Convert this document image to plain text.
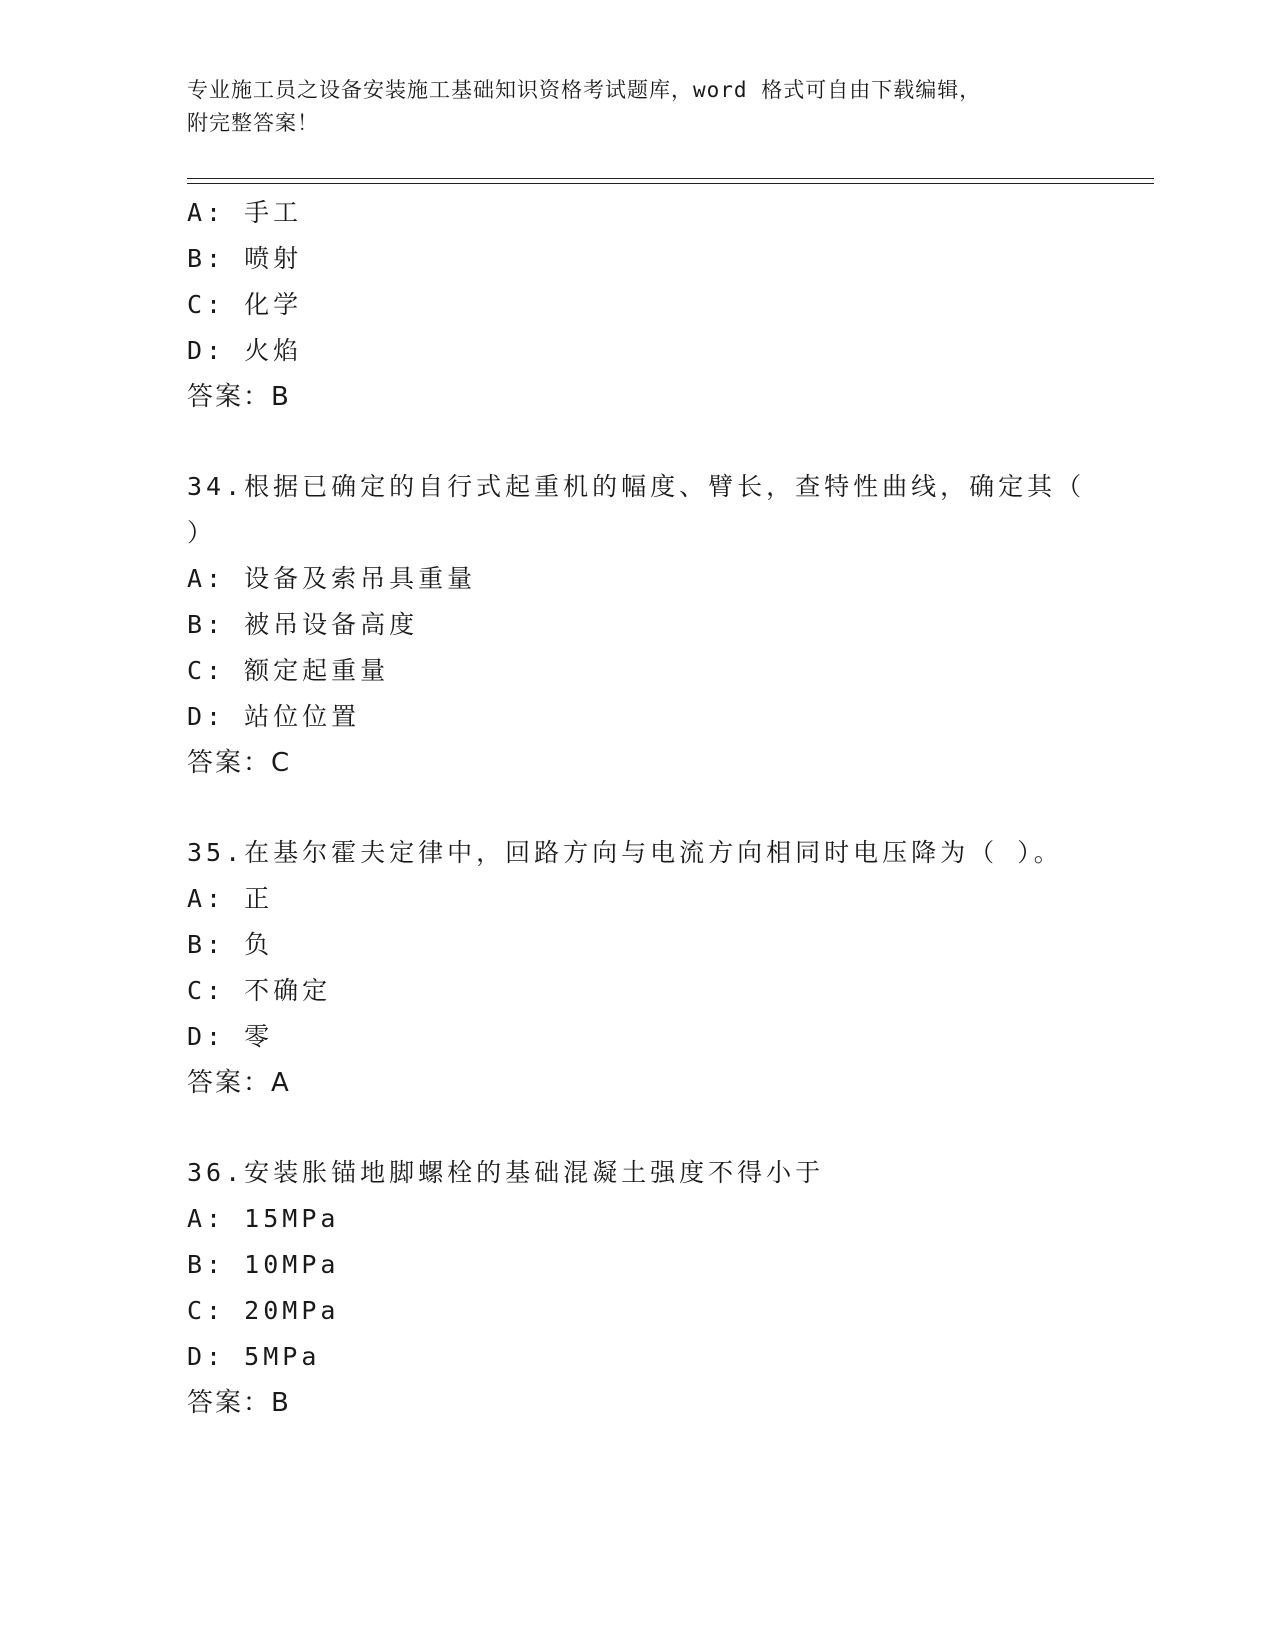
专业施工员之设备安装施工基础知识资格考试题库，word 格式可自由下载编辑，
附完整答案！
A: 手工
B: 喷射
C: 化学
D: 火焰
答案：B
34.根据已确定的自行式起重机的幅度、臂长，查特性曲线，确定其（
）
A: 设备及索吊具重量
B: 被吊设备高度
C: 额定起重量
D: 站位位置
答案：C
35.在基尔霍夫定律中，回路方向与电流方向相同时电压降为（ ）。
A: 正
B: 负
C: 不确定
D: 零
答案：A
36.安装胀锚地脚螺栓的基础混凝土强度不得小于
A: 15MPa
B: 10MPa
C: 20MPa
D: 5MPa
答案：B
